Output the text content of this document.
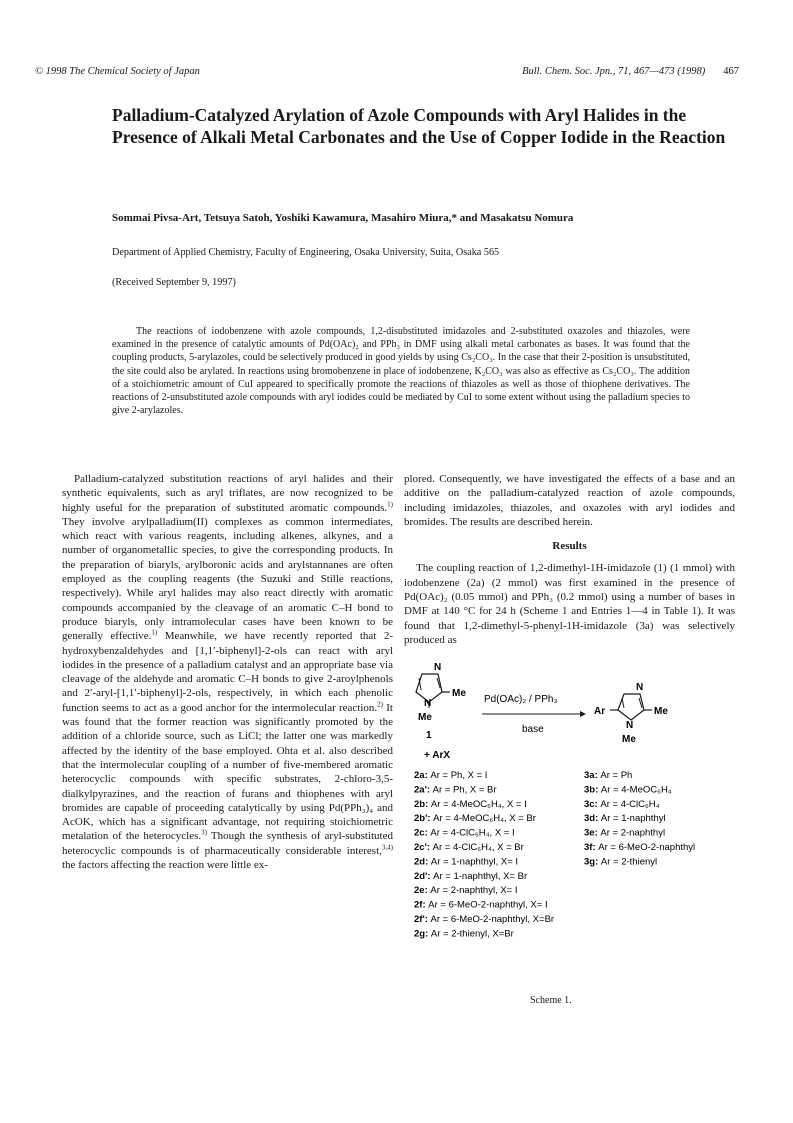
© 1998 The Chemical Society of Japan	Bull. Chem. Soc. Jpn., 71, 467—473 (1998) 467
Palladium-Catalyzed Arylation of Azole Compounds with Aryl Halides in the Presence of Alkali Metal Carbonates and the Use of Copper Iodide in the Reaction
Sommai Pivsa-Art, Tetsuya Satoh, Yoshiki Kawamura, Masahiro Miura,* and Masakatsu Nomura
Department of Applied Chemistry, Faculty of Engineering, Osaka University, Suita, Osaka 565
(Received September 9, 1997)
The reactions of iodobenzene with azole compounds, 1,2-disubstituted imidazoles and 2-substituted oxazoles and thiazoles, were examined in the presence of catalytic amounts of Pd(OAc)₂ and PPh₃ in DMF using alkali metal carbonates as bases. It was found that the coupling products, 5-arylazoles, could be selectively produced in good yields by using Cs₂CO₃. In the case that their 2-position is unsubstituted, the site could also be arylated. In reactions using bromobenzene in place of iodobenzene, K₂CO₃ was also as effective as Cs₂CO₃. The addition of a stoichiometric amount of CuI appeared to specifically promote the reactions of thiazoles as well as those of thiophene derivatives. The reactions of 2-unsubstituted azole compounds with aryl iodides could be mediated by CuI to some extent without using the palladium species to give 2-arylazoles.
Palladium-catalyzed substitution reactions of aryl halides and their synthetic equivalents, such as aryl triflates, are now recognized to be highly useful for the preparation of substituted aromatic compounds.$^{1)}$ They involve arylpalladium(II) complexes as common intermediates, which react with various reagents, including alkenes, alkynes, and a number of organometallic species, to give the corresponding products. In the preparation of biaryls, arylboronic acids and arylstannanes are often employed as the coupling reagents (the Suzuki and Stille reactions, respectively). While aryl halides may also react directly with aromatic compounds accompanied by the cleavage of an aromatic C–H bond to produce biaryls, only intramolecular cases have been known to be generally effective.$^{1)}$ Meanwhile, we have recently reported that 2-hydroxybenzaldehydes and [1,1′-biphenyl]-2-ols can react with aryl iodides in the presence of a palladium catalyst and an appropriate base via cleavage of the aldehyde and aromatic C–H bonds to give 2-aroylphenols and 2′-aryl-[1,1′-biphenyl]-2-ols, respectively, in which each phenolic function seems to act as a good anchor for the intermolecular reaction.$^{2)}$ It was found that the former reaction was significantly promoted by the addition of a chloride source, such as LiCl; the latter one was markedly affected by the identity of the base employed. Ohta et al. also described that the intermolecular coupling of a number of five-membered aromatic heterocyclic compounds with specific substrates, 2-chloro-3,5-dialkylpyrazines, and the reaction of furans and thiophenes with aryl bromides are capable of proceeding catalytically by using Pd(PPh₃)₄ and AcOK, which has a significant advantage, not requiring stoichiometric metalation of the heterocycles.$^{3)}$ Though the synthesis of aryl-substituted heterocyclic compounds is of pharmaceutically considerable interest,$^{3,4)}$ the factors affecting the reaction were little ex-

plored. Consequently, we have investigated the effects of a base and an additive on the palladium-catalyzed reaction of azole compounds, including imidazoles, thiazoles, and oxazoles with aryl iodides and bromides. The results are described herein.

Results

The coupling reaction of 1,2-dimethyl-1H-imidazole (1) (1 mmol) with iodobenzene (2a) (2 mmol) was first examined in the presence of Pd(OAc)₂ (0.05 mmol) and PPh₃ (0.2 mmol) using a number of bases in DMF at 140 °C for 24 h (Scheme 1 and Entries 1—4 in Table 1). It was found that 1,2-dimethyl-5-phenyl-1H-imidazole (3a) was selectively produced as

N
Me
N
Me
1
+ ArX
Pd(OAc)₂ / PPh₃
base
Ar
N
Me
N
Me
2a: Ar = Ph, X = I
2a': Ar = Ph, X = Br
2b: Ar = 4-MeOC₆H₄, X = I
2b': Ar = 4-MeOC₆H₄, X = Br
2c: Ar = 4-ClC₆H₄, X = I
2c': Ar = 4-ClC₆H₄, X = Br
2d: Ar = 1-naphthyl, X= I
2d': Ar = 1-naphthyl, X= Br
2e: Ar = 2-naphthyl, X= I
2f: Ar = 6-MeO-2-naphthyl, X= I
2f': Ar = 6-MeO-2-naphthyl, X=Br
2g: Ar = 2-thienyl, X=Br
3a: Ar = Ph
3b: Ar = 4-MeOC₆H₄
3c: Ar = 4-ClC₆H₄
3d: Ar = 1-naphthyl
3e: Ar = 2-naphthyl
3f: Ar = 6-MeO-2-naphthyl
3g: Ar = 2-thienyl
Scheme 1.
